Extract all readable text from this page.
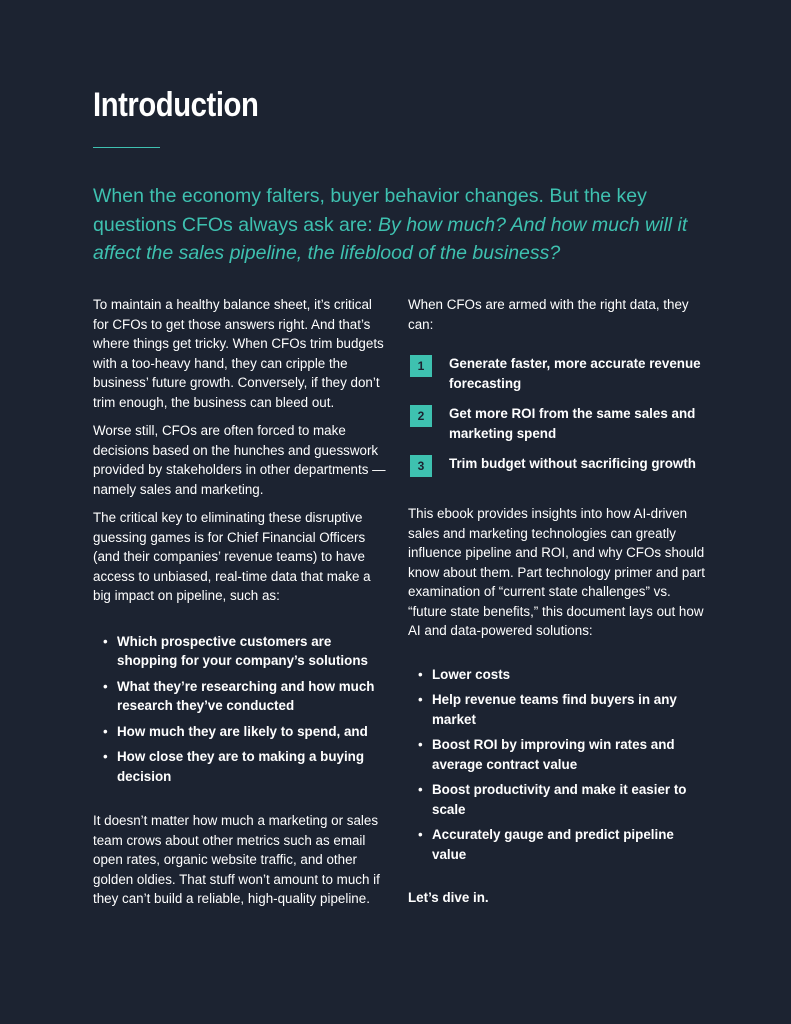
Introduction

When the economy falters, buyer behavior changes. But the key questions CFOs always ask are: By how much? And how much will it affect the sales pipeline, the lifeblood of the business?

To maintain a healthy balance sheet, it’s critical for CFOs to get those answers right. And that’s where things get tricky. When CFOs trim budgets with a too-heavy hand, they can cripple the business’ future growth. Conversely, if they don’t trim enough, the business can bleed out.

Worse still, CFOs are often forced to make decisions based on the hunches and guesswork provided by stakeholders in other departments — namely sales and marketing.

The critical key to eliminating these disruptive guessing games is for Chief Financial Officers (and their companies’ revenue teams) to have access to unbiased, real-time data that make a big impact on pipeline, such as:

• Which prospective customers are shopping for your company’s solutions
• What they’re researching and how much research they’ve conducted
• How much they are likely to spend, and
• How close they are to making a buying decision

It doesn’t matter how much a marketing or sales team crows about other metrics such as email open rates, organic website traffic, and other golden oldies. That stuff won’t amount to much if they can’t build a reliable, high-quality pipeline.

When CFOs are armed with the right data, they can:

1	Generate faster, more accurate revenue forecasting
2	Get more ROI from the same sales and marketing spend
3	Trim budget without sacrificing growth

This ebook provides insights into how AI-driven sales and marketing technologies can greatly influence pipeline and ROI, and why CFOs should know about them. Part technology primer and part examination of “current state challenges” vs. “future state benefits,” this document lays out how AI and data-powered solutions:

• Lower costs
• Help revenue teams find buyers in any market
• Boost ROI by improving win rates and average contract value
• Boost productivity and make it easier to scale
• Accurately gauge and predict pipeline value

Let’s dive in.
